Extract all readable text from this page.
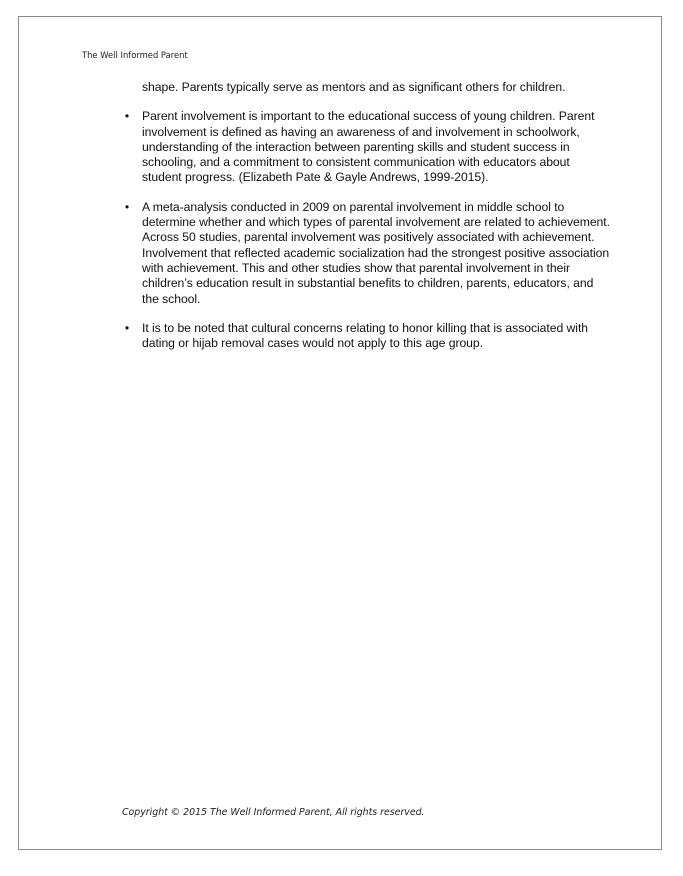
The Well Informed Parent

shape. Parents typically serve as mentors and as significant others for children.

• Parent involvement is important to the educational success of young children. Parent involvement is defined as having an awareness of and involvement in schoolwork, understanding of the interaction between parenting skills and student success in schooling, and a commitment to consistent communication with educators about student progress. (Elizabeth Pate & Gayle Andrews, 1999-2015).
• A meta-analysis conducted in 2009 on parental involvement in middle school to determine whether and which types of parental involvement are related to achievement. Across 50 studies, parental involvement was positively associated with achievement. Involvement that reflected academic socialization had the strongest positive association with achievement. This and other studies show that parental involvement in their children’s education result in substantial benefits to children, parents, educators, and the school.
• It is to be noted that cultural concerns relating to honor killing that is associated with dating or hijab removal cases would not apply to this age group.
Copyright © 2015 The Well Informed Parent, All rights reserved.
